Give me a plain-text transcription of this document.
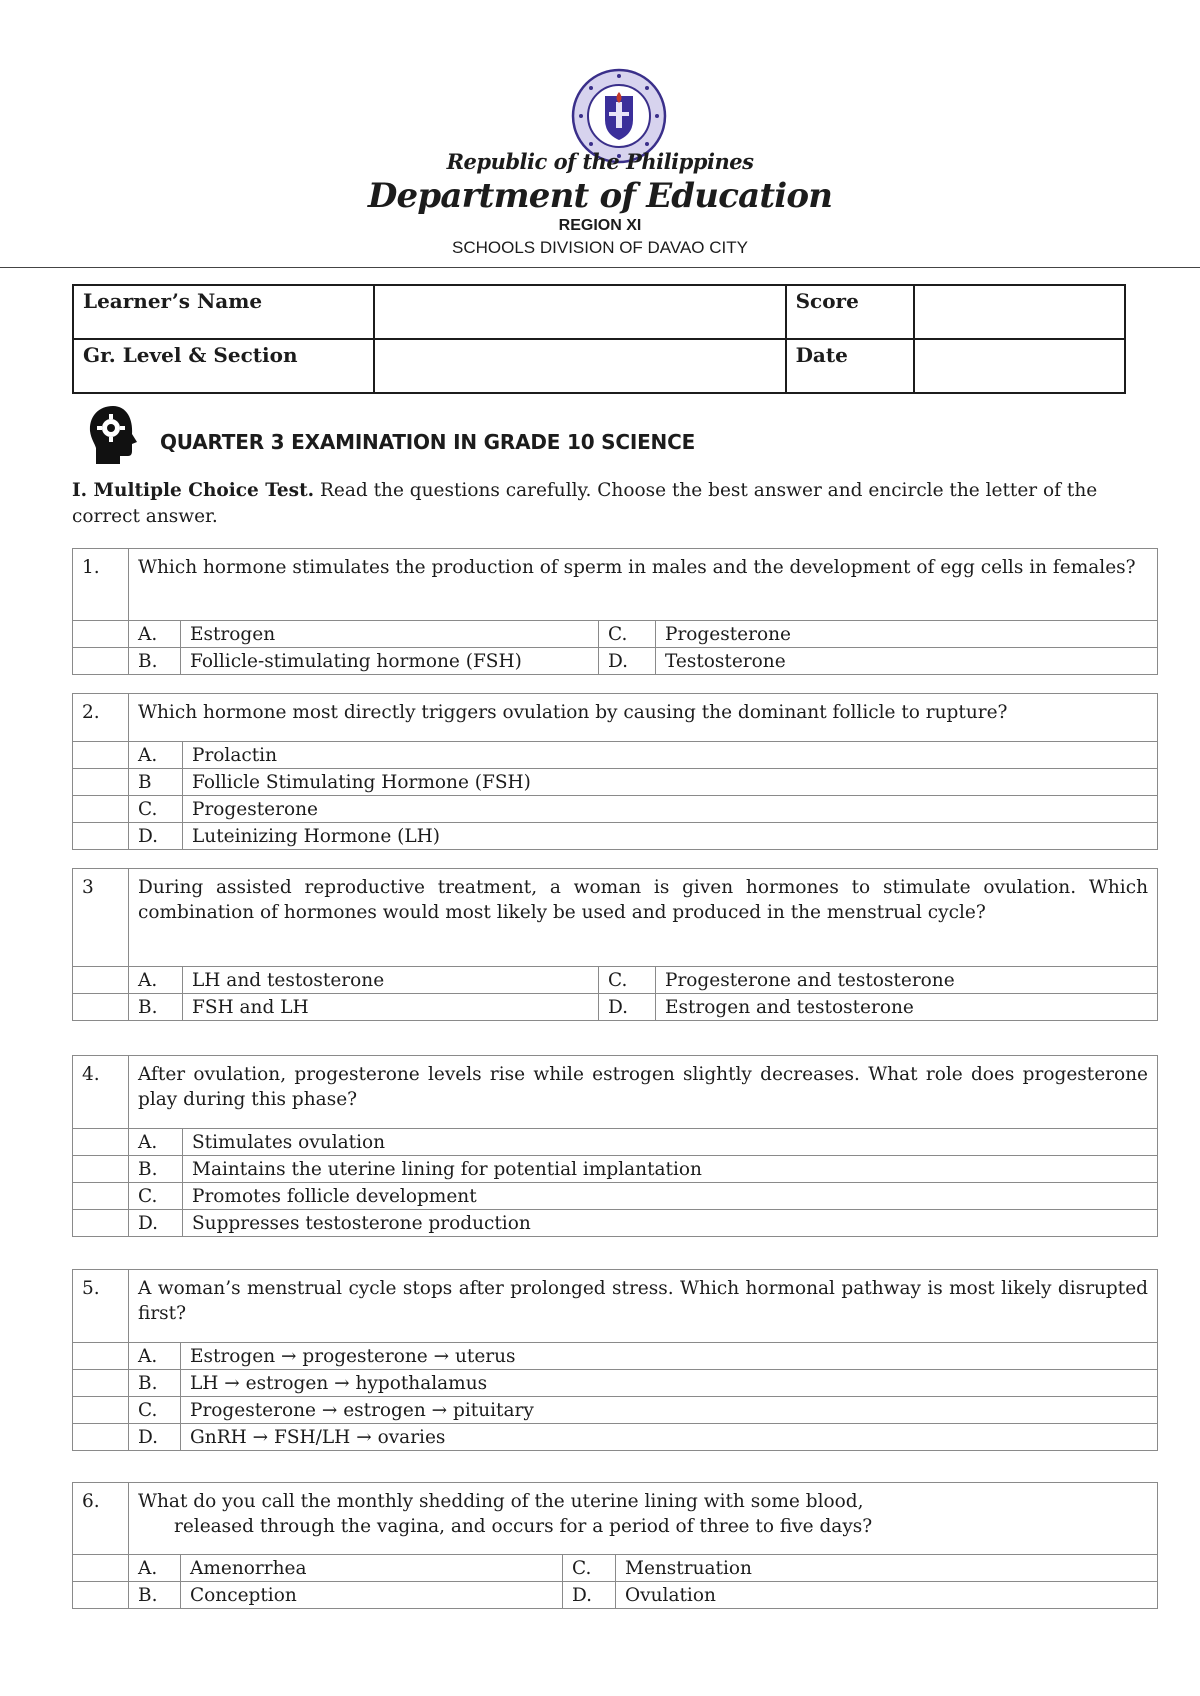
Republic of the Philippines
Department of Education
REGION XI
SCHOOLS DIVISION OF DAVAO CITY
Learner’s Name		Score	
Gr. Level & Section		Date	
QUARTER 3 EXAMINATION IN GRADE 10 SCIENCE
I. Multiple Choice Test. Read the questions carefully. Choose the best answer and encircle the letter of the correct answer.
1.	Which hormone stimulates the production of sperm in males and the development of egg cells in females?			
	A.	Estrogen	C.	Progesterone
	B.	Follicle-stimulating hormone (FSH)	D.	Testosterone
2.	Which hormone most directly triggers ovulation by causing the dominant follicle to rupture?	
	A.	Prolactin
	B	Follicle Stimulating Hormone (FSH)
	C.	Progesterone
	D.	Luteinizing Hormone (LH)
3	During assisted reproductive treatment, a woman is given hormones to stimulate ovulation. Which combination of hormones would most likely be used and produced in the menstrual cycle?			
	A.	LH and testosterone	C.	Progesterone and testosterone
	B.	FSH and LH	D.	Estrogen and testosterone
4.	After ovulation, progesterone levels rise while estrogen slightly decreases. What role does progesterone play during this phase?	
	A.	Stimulates ovulation
	B.	Maintains the uterine lining for potential implantation
	C.	Promotes follicle development
	D.	Suppresses testosterone production
5.	A woman’s menstrual cycle stops after prolonged stress. Which hormonal pathway is most likely disrupted first?	
	A.	Estrogen → progesterone → uterus
	B.	LH → estrogen → hypothalamus
	C.	Progesterone → estrogen → pituitary
	D.	GnRH → FSH/LH → ovaries
6.	What do you call the monthly shedding of the uterine lining with some blood,
released through the vagina, and occurs for a period of three to five days?			
	A.	Amenorrhea	C.	Menstruation
	B.	Conception	D.	Ovulation
